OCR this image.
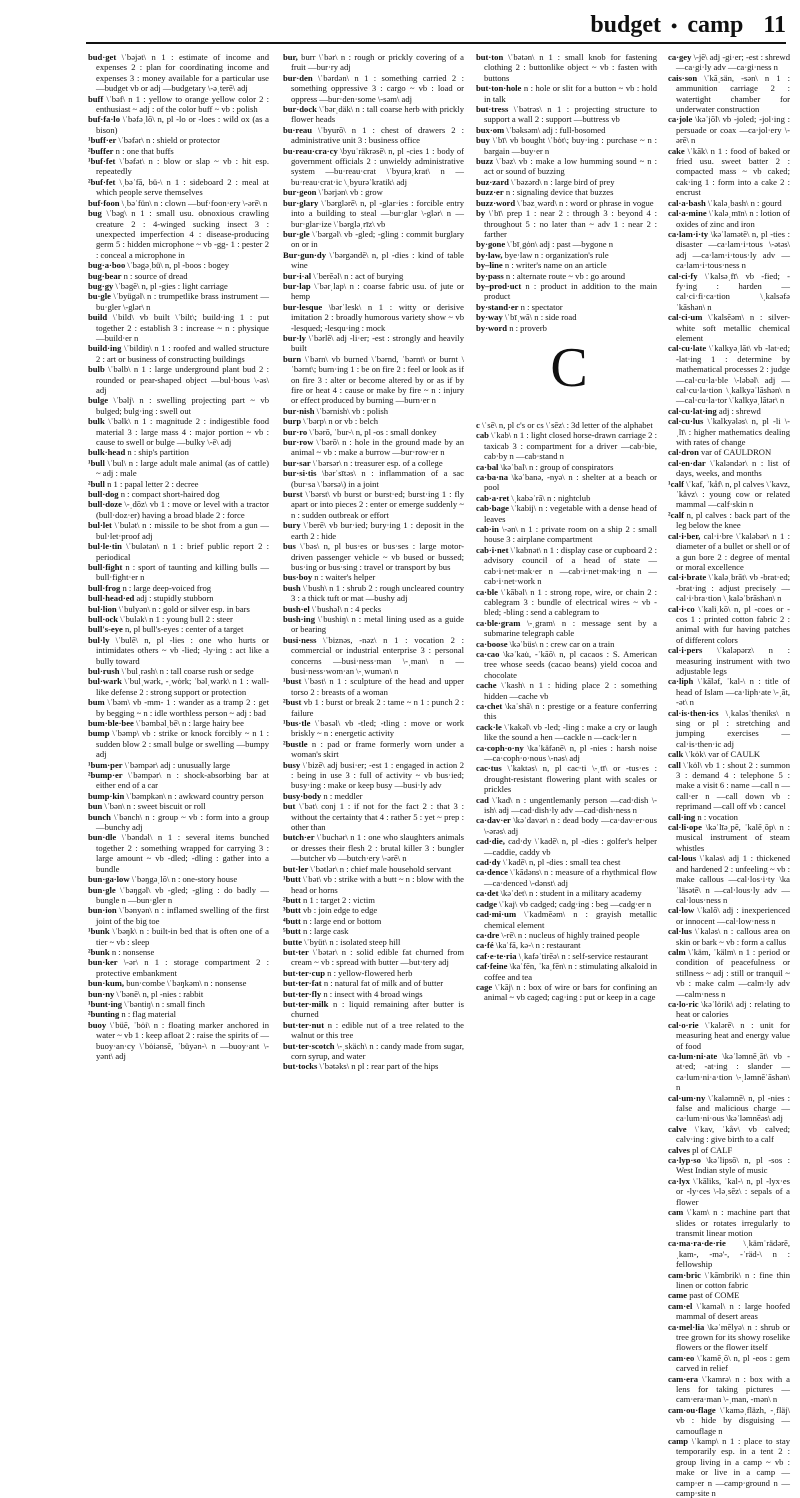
budget • camp 11

bud·get \ˈbəjət\ n 1 : estimate of income and expenses 2 : plan for coordinating income and expenses 3 : money available for a particular use —budget vb or adj —budgetary \-əˌterē\ adj

buff \ˈbəf\ n 1 : yellow to orange yellow color 2 : enthusiast ~ adj : of the color buff ~ vb : polish

buf·fa·lo \ˈbəfəˌlō\ n, pl -lo or -loes : wild ox (as a bison)

¹buff·er \ˈbəfər\ n : shield or protector

²buffer n : one that buffs

¹buf·fet \ˈbəfət\ n : blow or slap ~ vb : hit esp. repeatedly

²buf·fet \ˌbəˈfā, bü-\ n 1 : sideboard 2 : meal at which people serve themselves

buf·foon \ˌbəˈfün\ n : clown —buf·foon·ery \-ərē\ n

bug \ˈbəg\ n 1 : small usu. obnoxious crawling creature 2 : 4-winged sucking insect 3 : unexpected imperfection 4 : disease-producing germ 5 : hidden microphone ~ vb -gg- 1 : pester 2 : conceal a microphone in

bug·a·boo \ˈbəgəˌbü\ n, pl -boos : bogey

bug·bear n : source of dread

bug·gy \ˈbəgē\ n, pl -gies : light carriage

bu·gle \ˈbyügəl\ n : trumpetlike brass instrument —bu·gler \-glər\ n

build \ˈbild\ vb built \ˈbilt\; build·ing 1 : put together 2 : establish 3 : increase ~ n : physique —build·er n

build·ing \ˈbildiŋ\ n 1 : roofed and walled structure 2 : art or business of constructing buildings

bulb \ˈbəlb\ n 1 : large underground plant bud 2 : rounded or pear-shaped object —bul·bous \-əs\ adj

bulge \ˈbəlj\ n : swelling projecting part ~ vb bulged; bulg·ing : swell out

bulk \ˈbəlk\ n 1 : magnitude 2 : indigestible food material 3 : large mass 4 : major portion ~ vb : cause to swell or bulge —bulky \-ē\ adj

bulk·head n : ship's partition

¹bull \ˈbul\ n : large adult male animal (as of cattle) ~ adj : male

²bull n 1 : papal letter 2 : decree

bull·dog n : compact short-haired dog

bull·doze \-ˌdōz\ vb 1 : move or level with a tractor (bull·doz·er) having a broad blade 2 : force

bul·let \ˈbulət\ n : missile to be shot from a gun —bul·let·proof adj

bul·le·tin \ˈbulətən\ n 1 : brief public report 2 : periodical

bull·fight n : sport of taunting and killing bulls —bull·fight·er n

bull·frog n : large deep-voiced frog

bull·head·ed adj : stupidly stubborn

bul·lion \ˈbulyən\ n : gold or silver esp. in bars

bull·ock \ˈbulək\ n 1 : young bull 2 : steer

bull's-eye n, pl bull's-eyes : center of a target

bul·ly \ˈbulē\ n, pl -lies : one who hurts or intimidates others ~ vb -lied; -ly·ing : act like a bully toward

bul·rush \ˈbulˌrəsh\ n : tall coarse rush or sedge

bul·wark \ˈbulˌwərk, -ˌwȯrk; ˈbəlˌwərk\ n 1 : wall-like defense 2 : strong support or protection

bum \ˈbəm\ vb -mm- 1 : wander as a tramp 2 : get by begging ~ n : idle worthless person ~ adj : bad

bum·ble·bee \ˈbəmbəlˌbē\ n : large hairy bee

bump \ˈbəmp\ vb : strike or knock forcibly ~ n 1 : sudden blow 2 : small bulge or swelling —bumpy adj

¹bum·per \ˈbəmpər\ adj : unusually large

²bump·er \ˈbəmpər\ n : shock-absorbing bar at either end of a car

bump·kin \ˈbəmpkən\ n : awkward country person

bun \ˈbən\ n : sweet biscuit or roll

bunch \ˈbənch\ n : group ~ vb : form into a group —bunchy adj

bun·dle \ˈbəndəl\ n 1 : several items bunched together 2 : something wrapped for carrying 3 : large amount ~ vb -dled; -dling : gather into a bundle

bun·ga·low \ˈbəŋgəˌlō\ n : one-story house

bun·gle \ˈbəŋgəl\ vb -gled; -gling : do badly —bungle n —bun·gler n

bun·ion \ˈbənyən\ n : inflamed swelling of the first joint of the big toe

¹bunk \ˈbəŋk\ n : built-in bed that is often one of a tier ~ vb : sleep

²bunk n : nonsense

bun·ker \-ər\ n 1 : storage compartment 2 : protective embankment

bun·kum, bun·combe \ˈbəŋkəm\ n : nonsense

bun·ny \ˈbənē\ n, pl -nies : rabbit

¹bunt·ing \ˈbəntiŋ\ n : small finch

²bunting n : flag material

buoy \ˈbüē, ˈbȯi\ n : floating marker anchored in water ~ vb 1 : keep afloat 2 : raise the spirits of —buoy·an·cy \ˈbȯiənsē, ˈbüyən-\ n —buoy·ant \-yənt\ adj

bur, burr \ˈbər\ n : rough or prickly covering of a fruit —bur·ry adj

bur·den \ˈbərdən\ n 1 : something carried 2 : something oppressive 3 : cargo ~ vb : load or oppress —bur·den·some \-səm\ adj

bur·dock \ˈbərˌdäk\ n : tall coarse herb with prickly flower heads

bu·reau \ˈbyurō\ n 1 : chest of drawers 2 : administrative unit 3 : business office

bu·reau·cra·cy \byuˈräkrəsē\ n, pl -cies 1 : body of government officials 2 : unwieldy administrative system —bu·reau·crat \ˈbyurəˌkrat\ n —bu·reau·crat·ic \ˌbyurəˈkratik\ adj

bur·geon \ˈbərjən\ vb : grow

bur·glary \ˈbərglərē\ n, pl -glar·ies : forcible entry into a building to steal —bur·glar \-glər\ n —bur·glar·ize \ˈbərgləˌrīz\ vb

bur·gle \ˈbərgəl\ vb -gled; -gling : commit burglary on or in

Bur·gun·dy \ˈbərgəndē\ n, pl -dies : kind of table wine

bur·i·al \ˈberēəl\ n : act of burying

bur·lap \ˈbərˌlap\ n : coarse fabric usu. of jute or hemp

bur·lesque \bərˈlesk\ n 1 : witty or derisive imitation 2 : broadly humorous variety show ~ vb -lesqued; -lesqu·ing : mock

bur·ly \ˈbərlē\ adj -li·er; -est : strongly and heavily built

burn \ˈbərn\ vb burned \ˈbərnd, ˈbərnt\ or burnt \ˈbərnt\; burn·ing 1 : be on fire 2 : feel or look as if on fire 3 : alter or become altered by or as if by fire or heat 4 : cause or make by fire ~ n : injury or effect produced by burning —burn·er n

bur·nish \ˈbərnish\ vb : polish

burp \ˈbərp\ n or vb : belch

bur·ro \ˈbərō, ˈbur-\ n, pl -os : small donkey

bur·row \ˈbərō\ n : hole in the ground made by an animal ~ vb : make a burrow —bur·row·er n

bur·sar \ˈbərsər\ n : treasurer esp. of a college

bur·si·tis \bərˈsītəs\ n : inflammation of a sac (bur·sa \ˈbərsə\) in a joint

burst \ˈbərst\ vb burst or burst·ed; burst·ing 1 : fly apart or into pieces 2 : enter or emerge suddenly ~ n : sudden outbreak or effort

bury \ˈberē\ vb bur·ied; bury·ing 1 : deposit in the earth 2 : hide

bus \ˈbəs\ n, pl bus·es or bus·ses : large motor-driven passenger vehicle ~ vb bused or bussed; bus·ing or bus·sing : travel or transport by bus

bus·boy n : waiter's helper

bush \ˈbush\ n 1 : shrub 2 : rough uncleared country 3 : a thick tuft or mat —bushy adj

bush·el \ˈbushəl\ n : 4 pecks

bush·ing \ˈbushiŋ\ n : metal lining used as a guide or bearing

busi·ness \ˈbiznəs, -nəz\ n 1 : vocation 2 : commercial or industrial enterprise 3 : personal concerns —busi·ness·man \-ˌman\ n —busi·ness·wom·an \-ˌwumən\ n

¹bust \ˈbəst\ n 1 : sculpture of the head and upper torso 2 : breasts of a woman

²bust vb 1 : burst or break 2 : tame ~ n 1 : punch 2 : failure

¹bus·tle \ˈbəsəl\ vb -tled; -tling : move or work briskly ~ n : energetic activity

²bustle n : pad or frame formerly worn under a woman's skirt

busy \ˈbizē\ adj busi·er; -est 1 : engaged in action 2 : being in use 3 : full of activity ~ vb bus·ied; busy·ing : make or keep busy —busi·ly adv

busy·body n : meddler

but \ˈbət\ conj 1 : if not for the fact 2 : that 3 : without the certainty that 4 : rather 5 : yet ~ prep : other than

butch·er \ˈbuchər\ n 1 : one who slaughters animals or dresses their flesh 2 : brutal killer 3 : bungler —butcher vb —butch·ery \-ərē\ n

but·ler \ˈbətlər\ n : chief male household servant

¹butt \ˈbət\ vb : strike with a butt ~ n : blow with the head or horns

²butt n 1 : target 2 : victim

³butt vb : join edge to edge

⁴butt n : large end or bottom

⁵butt n : large cask

butte \ˈbyüt\ n : isolated steep hill

but·ter \ˈbətər\ n : solid edible fat churned from cream ~ vb : spread with butter —but·tery adj

but·ter·cup n : yellow-flowered herb

but·ter·fat n : natural fat of milk and of butter

but·ter·fly n : insect with 4 broad wings

but·ter·milk n : liquid remaining after butter is churned

but·ter·nut n : edible nut of a tree related to the walnut or this tree

but·ter·scotch \-ˌskäch\ n : candy made from sugar, corn syrup, and water

but·tocks \ˈbətəks\ n pl : rear part of the hips

but·ton \ˈbətən\ n 1 : small knob for fastening clothing 2 : buttonlike object ~ vb : fasten with buttons

but·ton·hole n : hole or slit for a button ~ vb : hold in talk

but·tress \ˈbətrəs\ n 1 : projecting structure to support a wall 2 : support —buttress vb

bux·om \ˈbəksəm\ adj : full-bosomed

buy \ˈbī\ vb bought \ˈbȯt\; buy·ing : purchase ~ n : bargain —buy·er n

buzz \ˈbəz\ vb : make a low humming sound ~ n : act or sound of buzzing

buz·zard \ˈbəzərd\ n : large bird of prey

buzz·er n : signaling device that buzzes

buzz·word \ˈbəzˌwərd\ n : word or phrase in vogue

by \ˈbī\ prep 1 : near 2 : through 3 : beyond 4 : throughout 5 : no later than ~ adv 1 : near 2 : farther

by·gone \ˈbīˌgȯn\ adj : past —bygone n

by·law, bye·law n : organization's rule

by–line n : writer's name on an article

by·pass n : alternate route ~ vb : go around

by–prod·uct n : product in addition to the main product

by·stand·er n : spectator

by·way \ˈbīˌwā\ n : side road

by·word n : proverb

C

c \ˈsē\ n, pl c's or cs \ˈsēz\ : 3d letter of the alphabet

cab \ˈkab\ n 1 : light closed horse-drawn carriage 2 : taxicab 3 : compartment for a driver —cab·bie, cab·by n —cab·stand n

ca·bal \kəˈbal\ n : group of conspirators

ca·ba·na \kəˈbanə, -nyə\ n : shelter at a beach or pool

cab·a·ret \ˌkabəˈrā\ n : nightclub

cab·bage \ˈkabij\ n : vegetable with a dense head of leaves

cab·in \-ən\ n 1 : private room on a ship 2 : small house 3 : airplane compartment

cab·i·net \ˈkabnət\ n 1 : display case or cupboard 2 : advisory council of a head of state —cab·i·net·mak·er n —cab·i·net·mak·ing n —cab·i·net·work n

ca·ble \ˈkābəl\ n 1 : strong rope, wire, or chain 2 : cablegram 3 : bundle of electrical wires ~ vb -bled; -bling : send a cablegram to

ca·ble·gram \-ˌgram\ n : message sent by a submarine telegraph cable

ca·boose \kəˈbüs\ n : crew car on a train

ca·cao \kəˈkau̇, -ˈkāō\ n, pl cacaos : S. American tree whose seeds (cacao beans) yield cocoa and chocolate

cache \ˈkash\ n 1 : hiding place 2 : something hidden —cache vb

ca·chet \kaˈshā\ n : prestige or a feature conferring this

cack·le \ˈkakəl\ vb -led; -ling : make a cry or laugh like the sound a hen —cackle n —cack·ler n

ca·coph·o·ny \kaˈkäfənē\ n, pl -nies : harsh noise —ca·coph·o·nous \-nəs\ adj

cac·tus \ˈkaktəs\ n, pl cac·ti \-ˌtī\ or -tus·es : drought-resistant flowering plant with scales or prickles

cad \ˈkad\ n : ungentlemanly person —cad·dish \-ish\ adj —cad·dish·ly adv —cad·dish·ness n

ca·dav·er \kəˈdavər\ n : dead body —ca·dav·er·ous \-ərəs\ adj

cad·die, cad·dy \ˈkadē\ n, pl -dies : golfer's helper —caddie, caddy vb

cad·dy \ˈkadē\ n, pl -dies : small tea chest

ca·dence \ˈkādəns\ n : measure of a rhythmical flow —ca·denced \-dənst\ adj

ca·det \kəˈdet\ n : student in a military academy

cadge \ˈkaj\ vb cadged; cadg·ing : beg —cadg·er n

cad·mi·um \ˈkadmēəm\ n : grayish metallic chemical element

ca·dre \-rē\ n : nucleus of highly trained people

ca·fé \kaˈfā, kə-\ n : restaurant

caf·e·te·ria \ˌkafəˈtirēə\ n : self-service restaurant

caf·feine \kaˈfēn, ˈkaˌfēn\ n : stimulating alkaloid in coffee and tea

cage \ˈkāj\ n : box of wire or bars for confining an animal ~ vb caged; cag·ing : put or keep in a cage

ca·gey \-jē\ adj -gi·er; -est : shrewd —ca·gi·ly adv —ca·gi·ness n

cais·son \ˈkāˌsän, -sən\ n 1 : ammunition carriage 2 : watertight chamber for underwater construction

ca·jole \kəˈjōl\ vb -joled; -jol·ing : persuade or coax —ca·jol·ery \-ərē\ n

cake \ˈkāk\ n 1 : food of baked or fried usu. sweet batter 2 : compacted mass ~ vb caked; cak·ing 1 : form into a cake 2 : encrust

cal·a·bash \ˈkaləˌbash\ n : gourd

cal·a·mine \ˈkaləˌmīn\ n : lotion of oxides of zinc and iron

ca·lam·i·ty \kəˈlamətē\ n, pl -ties : disaster —ca·lam·i·tous \-ətəs\ adj —ca·lam·i·tous·ly adv —ca·lam·i·tous·ness n

cal·ci·fy \ˈkalsəˌfī\ vb -fied; -fy·ing : harden —cal·ci·fi·ca·tion \ˌkalsəfəˈkāshən\ n

cal·ci·um \ˈkalsēəm\ n : silver-white soft metallic chemical element

cal·cu·late \ˈkalkyəˌlāt\ vb -lat·ed; -lat·ing 1 : determine by mathematical processes 2 : judge —cal·cu·la·ble \-ləbəl\ adj —cal·cu·la·tion \ˌkalkyəˈlāshən\ n —cal·cu·la·tor \ˈkalkyəˌlātər\ n

cal·cu·lat·ing adj : shrewd

cal·cu·lus \ˈkalkyələs\ n, pl -li \-ˌlī\ : higher mathematics dealing with rates of change

cal·dron var of CAULDRON

cal·en·dar \ˈkaləndər\ n : list of days, weeks, and months

¹calf \ˈkaf, ˈkåf\ n, pl calves \ˈkavz, ˈkåvz\ : young cow or related mammal —calf·skin n

²calf n, pl calves : back part of the leg below the knee

cal·i·ber, cal·i·bre \ˈkaləbər\ n 1 : diameter of a bullet or shell or of a gun bore 2 : degree of mental or moral excellence

cal·i·brate \ˈkaləˌbrāt\ vb -brat·ed; -brat·ing : adjust precisely —cal·i·bra·tion \ˌkaləˈbrāshən\ n

cal·i·co \ˈkaliˌkō\ n, pl -coes or -cos 1 : printed cotton fabric 2 : animal with fur having patches of different colors

cal·i·pers \ˈkaləpərz\ n : measuring instrument with two adjustable legs

ca·liph \ˈkāləf, ˈkal-\ n : title of head of Islam —ca·liph·ate \-ˌāt, -ət\ n

cal·is·then·ics \ˌkaləsˈtheniks\ n sing or pl : stretching and jumping exercises —cal·is·then·ic adj

calk \ˈkȯk\ var of CAULK

call \ˈkȯl\ vb 1 : shout 2 : summon 3 : demand 4 : telephone 5 : make a visit 6 : name —call n —call·er n —call down vb : reprimand —call off vb : cancel

call·ing n : vocation

cal·li·ope \kəˈlīəˌpē, ˈkalēˌōp\ n : musical instrument of steam whistles

cal·lous \ˈkaləs\ adj 1 : thickened and hardened 2 : unfeeling ~ vb : make callous —cal·los·i·ty \kaˈläsətē\ n —cal·lous·ly adv —cal·lous·ness n

cal·low \ˈkalō\ adj : inexperienced or innocent —cal·low·ness n

cal·lus \ˈkaləs\ n : callous area on skin or bark ~ vb : form a callus

calm \ˈkäm, ˈkälm\ n 1 : period or condition of peacefulness or stillness ~ adj : still or tranquil ~ vb : make calm —calm·ly adv —calm·ness n

ca·lo·ric \kəˈlȯrik\ adj : relating to heat or calories

cal·o·rie \ˈkalərē\ n : unit for measuring heat and energy value of food

ca·lum·ni·ate \kəˈləmnēˌāt\ vb -at·ed; -at·ing : slander —ca·lum·ni·a·tion \-ˌləmnēˈāshən\ n

cal·um·ny \ˈkaləmnē\ n, pl -nies : false and malicious charge —ca·lum·ni·ous \kəˈləmnēəs\ adj

calve \ˈkav, ˈkåv\ vb calved; calv·ing : give birth to a calf

calves pl of CALF

ca·lyp·so \kəˈlipsō\ n, pl -sos : West Indian style of music

ca·lyx \ˈkāliks, ˈkal-\ n, pl -lyx·es or -ly·ces \-ləˌsēz\ : sepals of a flower

cam \ˈkam\ n : machine part that slides or rotates irregularly to transmit linear motion

ca·ma·ra·de·rie \ˌkämˈrädərē, ˌkam-, -mə'-, -ˈräd-\ n : fellowship

cam·bric \ˈkāmbrik\ n : fine thin linen or cotton fabric

came past of COME

cam·el \ˈkaməl\ n : large hoofed mammal of desert areas

ca·mel·lia \kəˈmēlyə\ n : shrub or tree grown for its showy roselike flowers or the flower itself

cam·eo \ˈkamēˌō\ n, pl -eos : gem carved in relief

cam·era \ˈkamrə\ n : box with a lens for taking pictures —cam·era·man \-ˌman, -mən\ n

cam·ou·flage \ˈkaməˌfläzh, -ˌfläj\ vb : hide by disguising —camouflage n

camp \ˈkamp\ n 1 : place to stay temporarily esp. in a tent 2 : group living in a camp ~ vb : make or live in a camp —camp·er n —camp·ground n —camp·site n
